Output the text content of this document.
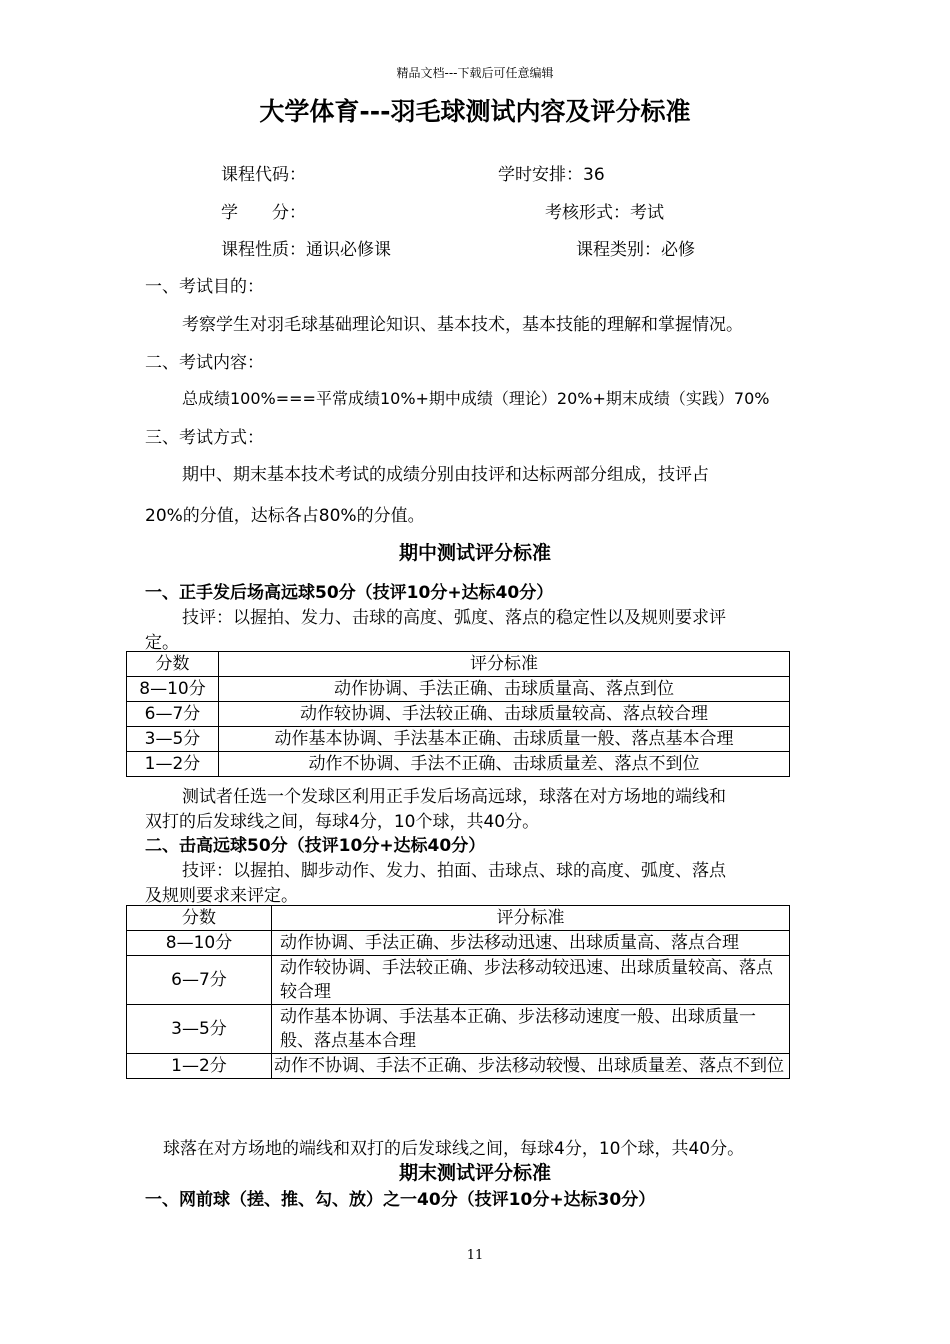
精品文档---下载后可任意编辑
大学体育---羽毛球测试内容及评分标准
课程代码：	学时安排：36
学　　分：	考核形式：考试
课程性质：通识必修课	课程类别：必修
一、考试目的：
考察学生对羽毛球基础理论知识、基本技术，基本技能的理解和掌握情况。
二、考试内容：
总成绩100%===平常成绩10%+期中成绩（理论）20%+期末成绩（实践）70%
三、考试方式：
期中、期末基本技术考试的成绩分别由技评和达标两部分组成，技评占
20%的分值，达标各占80%的分值。
期中测试评分标准
一、正手发后场高远球50分（技评10分+达标40分）
技评：以握拍、发力、击球的高度、弧度、落点的稳定性以及规则要求评
定。
分数	评分标准
8—10分	动作协调、手法正确、击球质量高、落点到位
6—7分	动作较协调、手法较正确、击球质量较高、落点较合理
3—5分	动作基本协调、手法基本正确、击球质量一般、落点基本合理
1—2分	动作不协调、手法不正确、击球质量差、落点不到位
测试者任选一个发球区利用正手发后场高远球，球落在对方场地的端线和
双打的后发球线之间，每球4分，10个球，共40分。
二、击高远球50分（技评10分+达标40分）
技评：以握拍、脚步动作、发力、拍面、击球点、球的高度、弧度、落点
及规则要求来评定。
分数	评分标准
8—10分	动作协调、手法正确、步法移动迅速、出球质量高、落点合理
6—7分	动作较协调、手法较正确、步法移动较迅速、出球质量较高、落点较合理
3—5分	动作基本协调、手法基本正确、步法移动速度一般、出球质量一般、落点基本合理
1—2分	动作不协调、手法不正确、步法移动较慢、出球质量差、落点不到位
球落在对方场地的端线和双打的后发球线之间，每球4分，10个球，共40分。
期末测试评分标准
一、网前球（搓、推、勾、放）之一40分（技评10分+达标30分）
11
